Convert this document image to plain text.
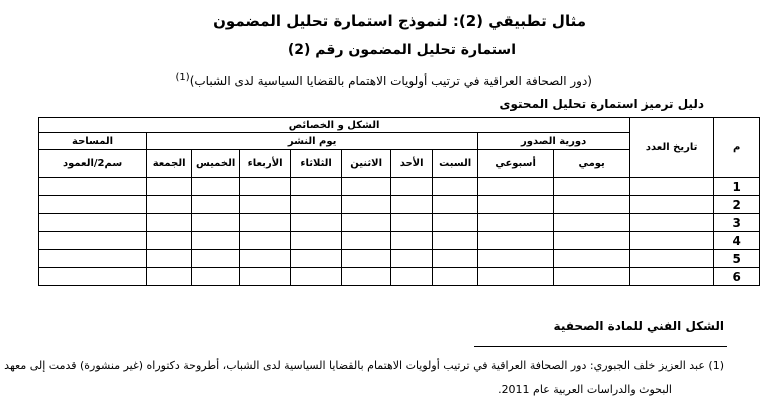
مثال تطبيقي (2): لنموذج استمارة تحليل المضمون
استمارة تحليل المضمون رقم (2)
(دور الصحافة العراقية في ترتيب أولويات الاهتمام بالقضايا السياسية لدى الشباب)$^{(1)}$
دليل ترميز استمارة تحليل المحتوى
م	تاريخ العدد	الشكل و الخصائص									
		دورية الصدور		يوم النشر							المساحة
		يومي	أسبوعي	السبت	الأحد	الاثنين	الثلاثاء	الأربعاء	الخميس	الجمعة	سم2/العمود
1											
2											
3											
4											
5											
6											
الشكل الفني للمادة الصحفية
(1) عبد العزيز خلف الجبوري: دور الصحافة العراقية في ترتيب أولويات الاهتمام بالقضايا السياسية لدى الشباب، أطروحة دكتوراه (غير منشورة) قدمت إلى معهد
البحوث والدراسات العربية عام 2011.
